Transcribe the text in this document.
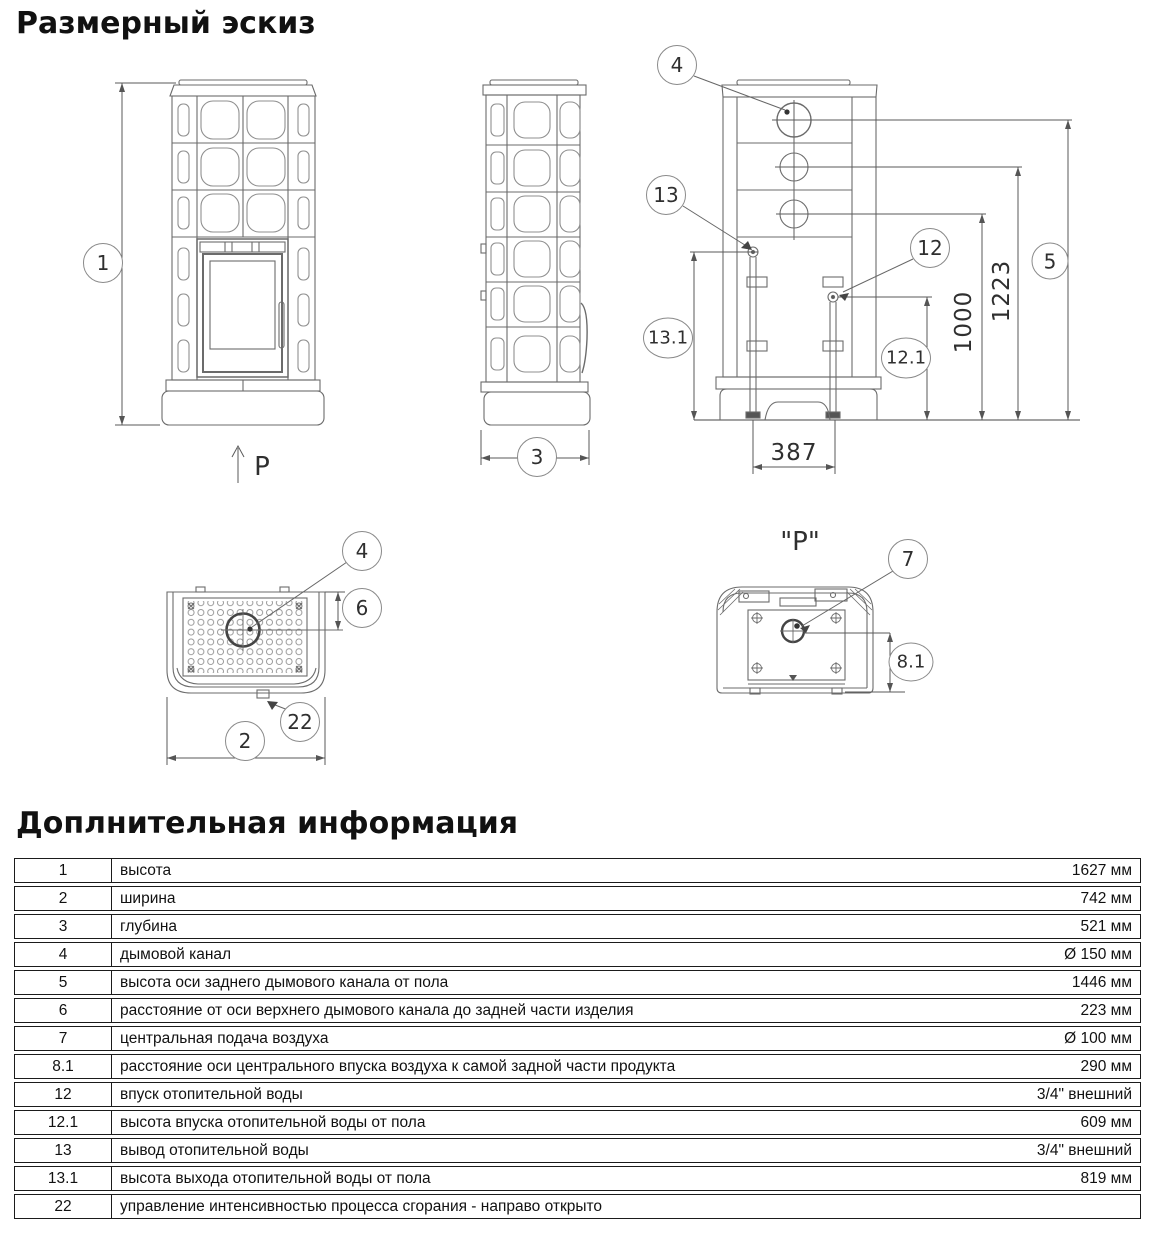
Размерный эскиз
1
2
3
4
4
5
6
7
8.1
12
12.1
13
13.1
22
1223
1000
387
P
"P"
Доплнительная информация
1	высота	1627 мм
2	ширина	742 мм
3	глубина	521 мм
4	дымовой канал	Ø 150 мм
5	высота оси заднего дымового канала от пола	1446 мм
6	расстояние от оси верхнего дымового канала до задней части изделия	223 мм
7	центральная подача воздуха	Ø 100 мм
8.1	расстояние оси центрального впуска воздуха к самой задной части продукта	290 мм
12	впуск отопительной воды	3/4" внешний
12.1	высота впуска отопительной воды от пола	609 мм
13	вывод отопительной воды	3/4" внешний
13.1	высота выхода отопительной воды от пола	819 мм
22	управление интенсивностью процесса сгорания - направо открыто	
